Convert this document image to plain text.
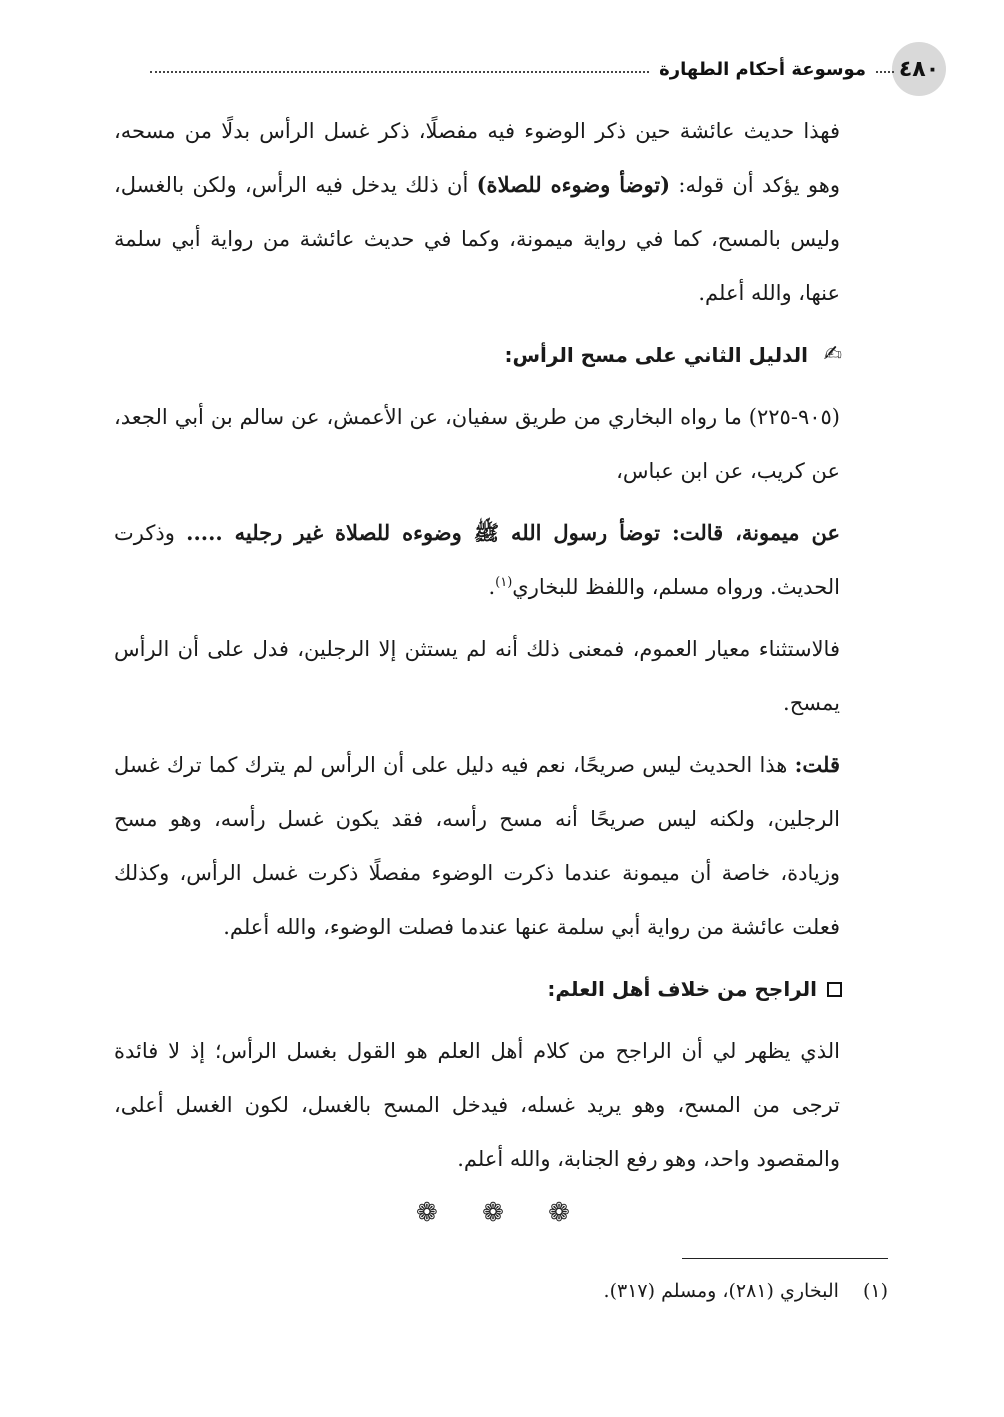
٤٨٠
موسوعة أحكام الطهارة

فهذا حديث عائشة حين ذكر الوضوء فيه مفصلًا، ذكر غسل الرأس بدلًا من مسحه، وهو يؤكد أن قوله: (توضأ وضوءه للصلاة) أن ذلك يدخل فيه الرأس، ولكن بالغسل، وليس بالمسح، كما في رواية ميمونة، وكما في حديث عائشة من رواية أبي سلمة عنها، والله أعلم.

✍
الدليل الثاني على مسح الرأس:

(٩٠٥-٢٢٥) ما رواه البخاري من طريق سفيان، عن الأعمش، عن سالم بن أبي الجعد، عن كريب، عن ابن عباس،

عن ميمونة، قالت: توضأ رسول الله ﷺ وضوءه للصلاة غير رجليه ..... وذكرت الحديث. ورواه مسلم، واللفظ للبخاري$^{(١)}$.

فالاستثناء معيار العموم، فمعنى ذلك أنه لم يستثن إلا الرجلين، فدل على أن الرأس يمسح.

قلت: هذا الحديث ليس صريحًا، نعم فيه دليل على أن الرأس لم يترك كما ترك غسل الرجلين، ولكنه ليس صريحًا أنه مسح رأسه، فقد يكون غسل رأسه، وهو مسح وزيادة، خاصة أن ميمونة عندما ذكرت الوضوء مفصلًا ذكرت غسل الرأس، وكذلك فعلت عائشة من رواية أبي سلمة عنها عندما فصلت الوضوء، والله أعلم.

الراجح من خلاف أهل العلم:

الذي يظهر لي أن الراجح من كلام أهل العلم هو القول بغسل الرأس؛ إذ لا فائدة ترجى من المسح، وهو يريد غسله، فيدخل المسح بالغسل، لكون الغسل أعلى، والمقصود واحد، وهو رفع الجنابة، والله أعلم.

❁ ❁ ❁
(١) البخاري (٢٨١)، ومسلم (٣١٧).
